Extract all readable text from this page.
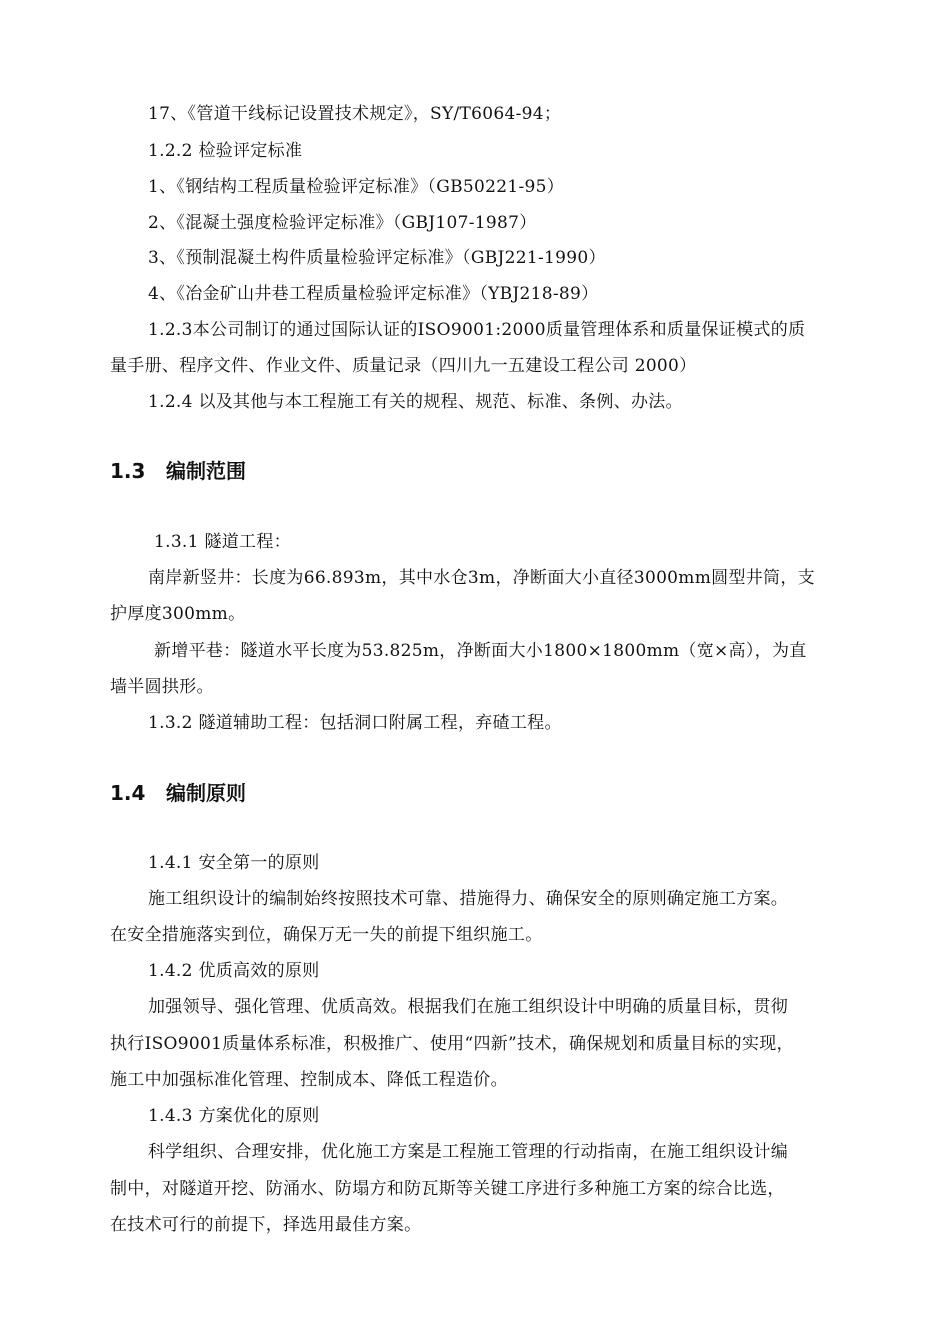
17、《管道干线标记设置技术规定》，SY/T6064-94；
1.2.2 检验评定标准
1、《钢结构工程质量检验评定标准》（GB50221-95）
2、《混凝土强度检验评定标准》（GBJ107-1987）
3、《预制混凝土构件质量检验评定标准》（GBJ221-1990）
4、《冶金矿山井巷工程质量检验评定标准》（YBJ218-89）
1.2.3本公司制订的通过国际认证的ISO9001:2000质量管理体系和质量保证模式的质
量手册、程序文件、作业文件、质量记录（四川九一五建设工程公司 2000）
1.2.4 以及其他与本工程施工有关的规程、规范、标准、条例、办法。
1.3 编制范围
1.3.1 隧道工程：
南岸新竖井：长度为66.893m，其中水仓3m，净断面大小直径3000mm圆型井筒，支
护厚度300mm。
新增平巷：隧道水平长度为53.825m，净断面大小1800×1800mm（宽×高），为直
墙半圆拱形。
1.3.2 隧道辅助工程：包括洞口附属工程，弃碴工程。
1.4 编制原则
1.4.1 安全第一的原则
施工组织设计的编制始终按照技术可靠、措施得力、确保安全的原则确定施工方案。
在安全措施落实到位，确保万无一失的前提下组织施工。
1.4.2 优质高效的原则
加强领导、强化管理、优质高效。根据我们在施工组织设计中明确的质量目标，贯彻
执行ISO9001质量体系标准，积极推广、使用“四新”技术，确保规划和质量目标的实现，
施工中加强标准化管理、控制成本、降低工程造价。
1.4.3 方案优化的原则
科学组织、合理安排，优化施工方案是工程施工管理的行动指南，在施工组织设计编
制中，对隧道开挖、防涌水、防塌方和防瓦斯等关键工序进行多种施工方案的综合比选，
在技术可行的前提下，择选用最佳方案。
